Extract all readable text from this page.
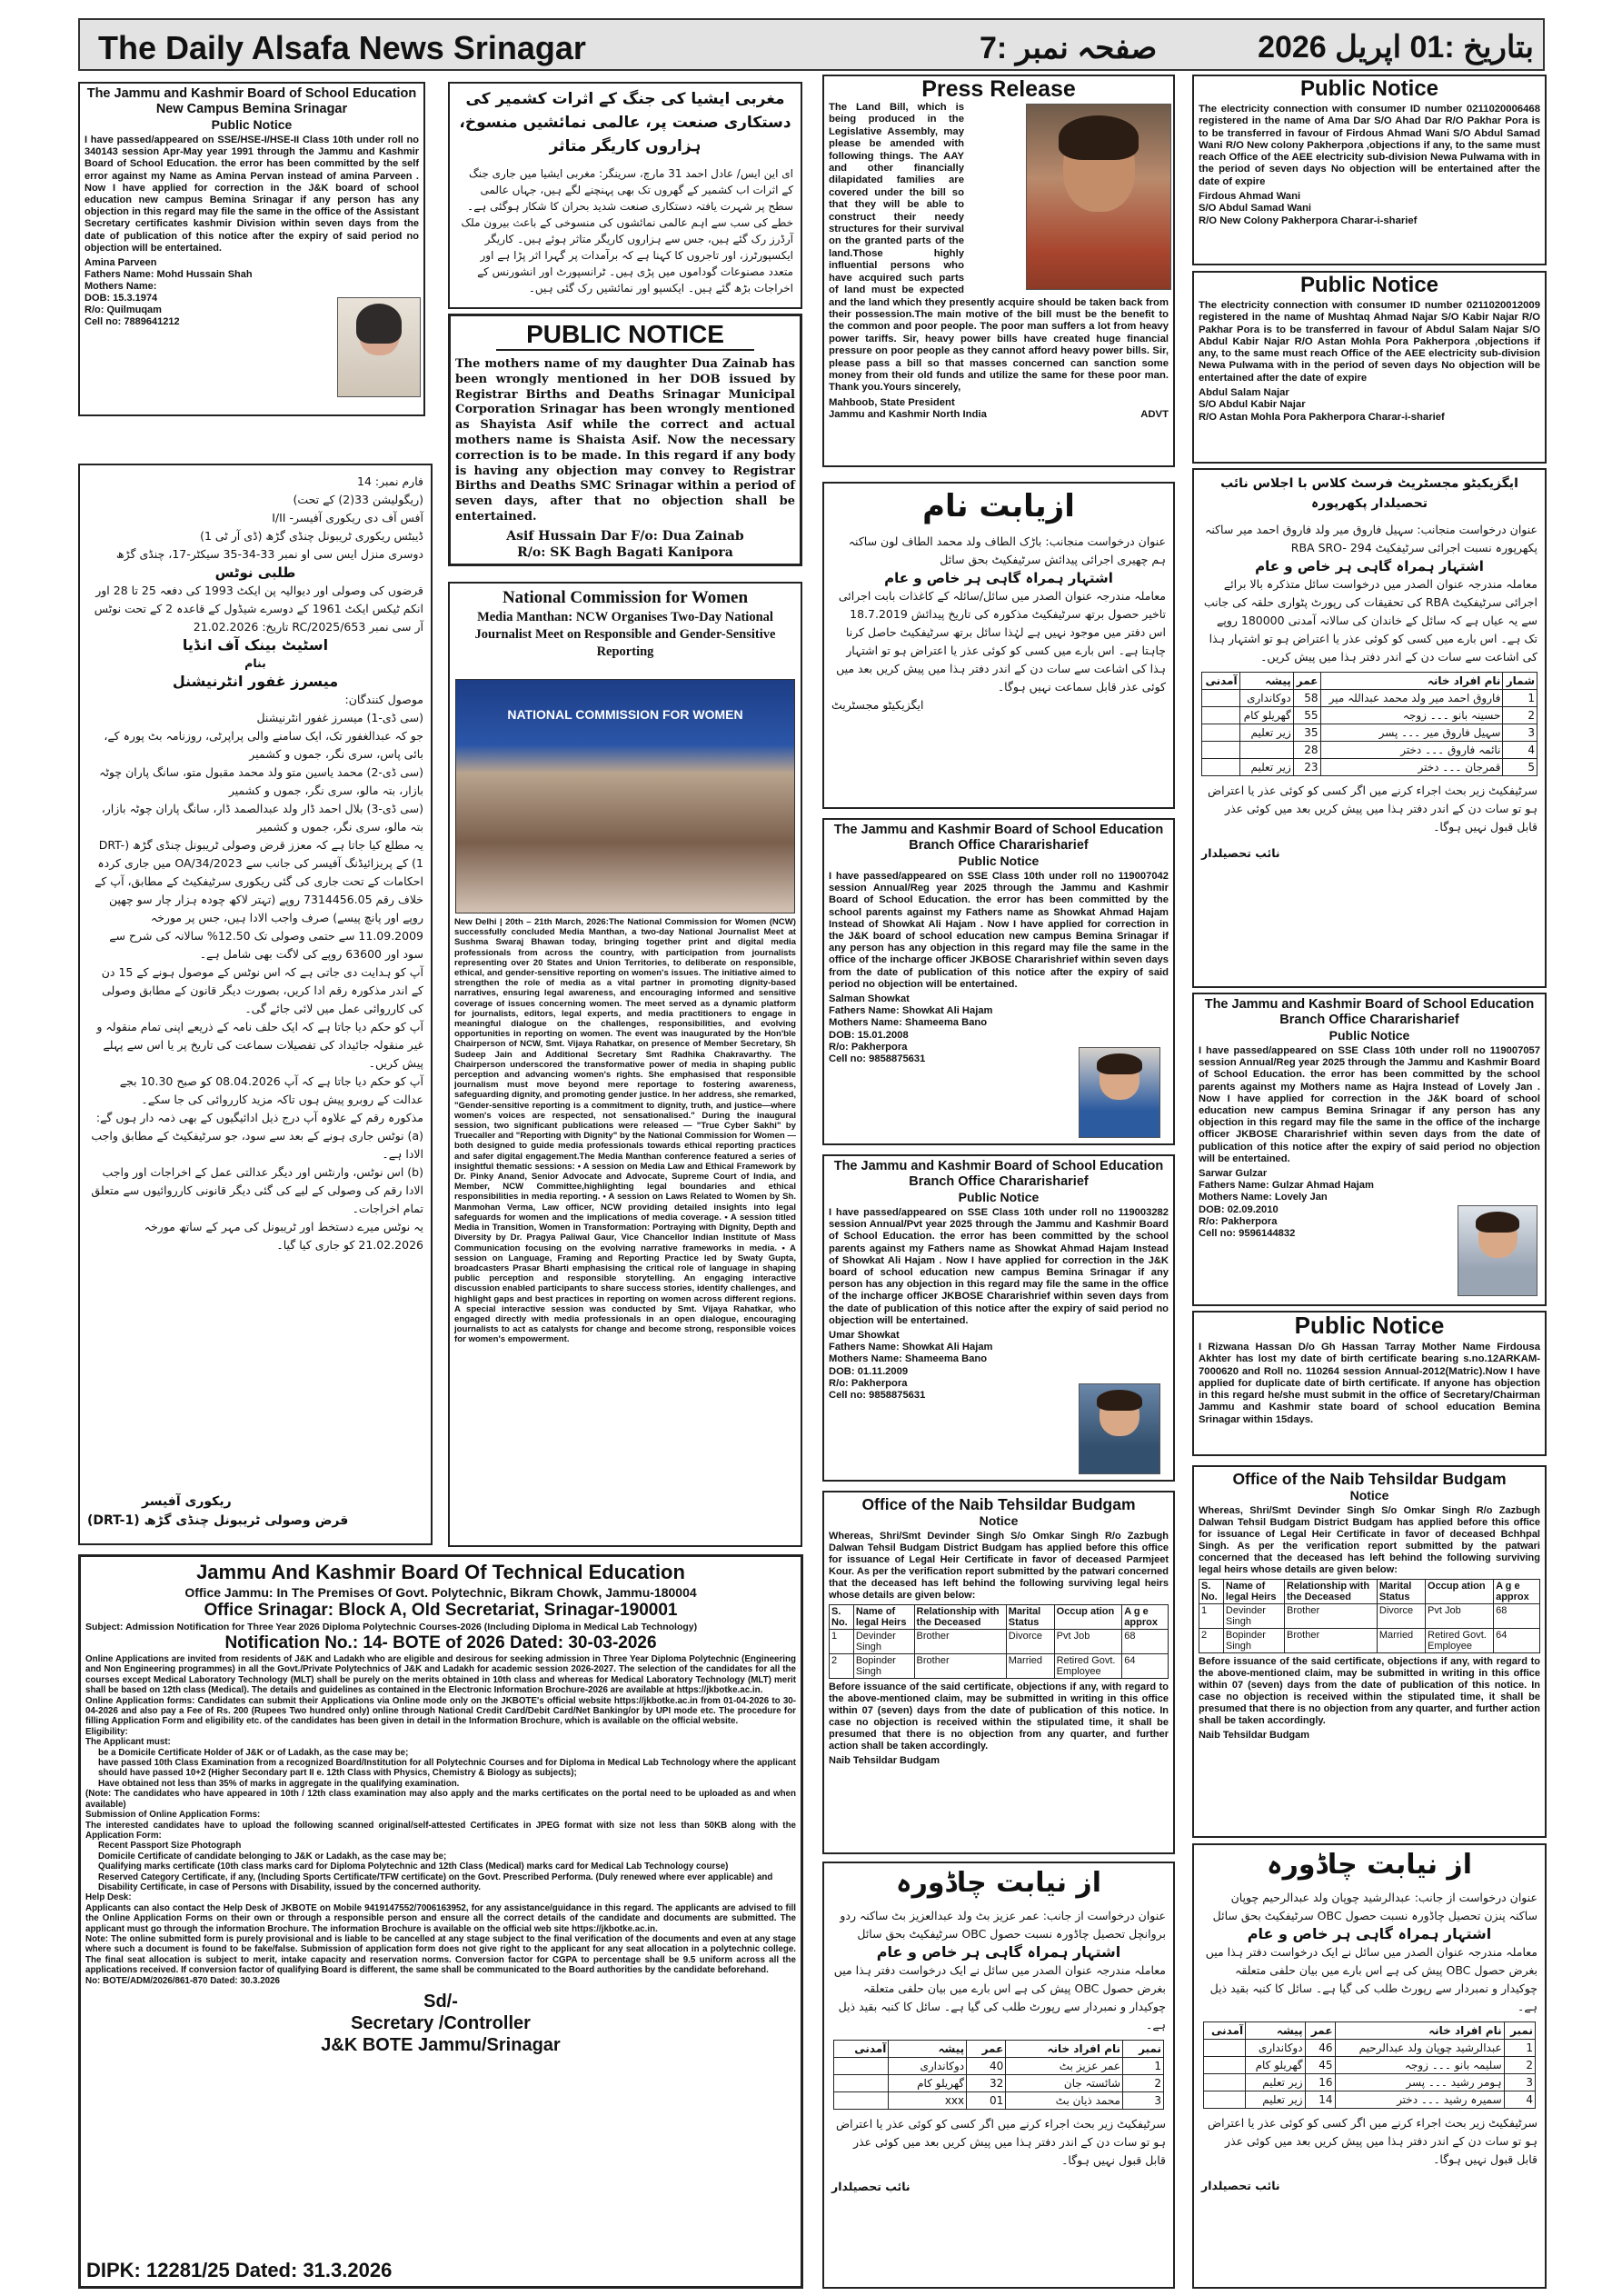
The Daily Alsafa News Srinagar	صفحہ نمبر :7	بتاریخ :01 اپریل 2026
The Jammu and Kashmir Board of School Education New Campus Bemina Srinagar
Public Notice
I have passed/appeared on SSE/HSE-I/HSE-II Class 10th under roll no 340143 session Apr-May year 1991 through the Jammu and Kashmir Board of School Education. the error has been committed by the self error against my Name as Amina Pervan instead of amina Parveen . Now I have applied for correction in the J&K board of school education new campus Bemina Srinagar if any person has any objection in this regard may file the same in the office of the Assistant Secretary certificates kashmir Division within seven days from the date of publication of this notice after the expiry of said period no objection will be entertained.
Amina Parveen
Fathers Name: Mohd Hussain Shah
Mothers Name:
DOB: 15.3.1974
R/o: Quilmuqam
Cell no: 7889641212
مغربی ایشیا کی جنگ کے اثرات کشمیر کی دستکاری صنعت پر، عالمی نمائشیں منسوخ، ہزاروں کاریگر متاثر
ای این ایس/ عادل احمد 31 مارچ، سرینگر: مغربی ایشیا میں جاری جنگ کے اثرات اب کشمیر کے گھروں تک بھی پہنچنے لگے ہیں، جہاں عالمی سطح پر شہرت یافتہ دستکاری صنعت شدید بحران کا شکار ہوگئی ہے۔ خطے کی سب سے اہم عالمی نمائشوں کی منسوخی کے باعث بیرون ملک آرڈرز رک گئے ہیں، جس سے ہزاروں کاریگر متاثر ہوئے ہیں۔ کاریگر ایکسپورٹرز، اور تاجروں کا کہنا ہے کہ برآمدات پر گہرا اثر پڑا ہے اور متعدد مصنوعات گوداموں میں پڑی ہیں۔ ٹرانسپورٹ اور انشورنس کے اخراجات بڑھ گئے ہیں۔ ایکسپو اور نمائشیں رک گئی ہیں۔
PUBLIC NOTICE
The mothers name of my daughter Dua Zainab has been wrongly mentioned in her DOB issued by Registrar Births and Deaths Srinagar Municipal Corporation Srinagar has been wrongly mentioned as Shayista Asif while the correct and actual mothers name is Shaista Asif. Now the necessary correction is to be made. In this regard if any body is having any objection may convey to Registrar Births and Deaths SMC Srinagar within a period of seven days, after that no objection shall be entertained.
Asif Hussain Dar F/o: Dua Zainab
R/o: SK Bagh Bagati Kanipora
Press Release
The Land Bill, which is being produced in the Legislative Assembly, may please be amended with following things. The AAY and other financially dilapidated families are covered under the bill so that they will be able to construct their needy structures for their survival on the granted parts of the land.Those highly influential persons who have acquired such parts of land must be expected and the land which they presently acquire should be taken back from their possession.The main motive of the bill must be the benefit to the common and poor people. The poor man suffers a lot from heavy power tariffs. Sir, heavy power bills have created huge financial pressure on poor people as they cannot afford heavy power bills. Sir, please pass a bill so that masses concerned can sanction some money from their old funds and utilize the same for these poor man. Thank you.Yours sincerely,
Mahboob, State President
Jammu and Kashmir North India	ADVT
Public Notice
The electricity connection with consumer ID number 0211020006468 registered in the name of Ama Dar S/O Ahad Dar R/O Pakhar Pora is to be transferred in favour of Firdous Ahmad Wani S/O Abdul Samad Wani R/O New colony Pakherpora ,objections if any, to the same must reach Office of the AEE electricity sub-division Newa Pulwama with in the period of seven days No objection will be entertained after the date of expire
Firdous Ahmad Wani
S/O Abdul Samad Wani
R/O New Colony Pakherpora Charar-i-sharief
Public Notice
The electricity connection with consumer ID number 0211020012009 registered in the name of Mushtaq Ahmad Najar S/O Kabir Najar R/O Pakhar Pora is to be transferred in favour of Abdul Salam Najar S/O Abdul Kabir Najar R/O Astan Mohla Pora Pakherpora ,objections if any, to the same must reach Office of the AEE electricity sub-division Newa Pulwama with in the period of seven days No objection will be entertained after the date of expire
Abdul Salam Najar
S/O Abdul Kabir Najar
R/O Astan Mohla Pora Pakherpora Charar-i-sharief
فارم نمبر: 14
(ریگولیشن 33(2) کے تحت)
آفس آف دی ریکوری آفیسر- I/II
ڈیبٹس ریکوری ٹریبونل چنڈی گڑھ (ڈی آر ٹی 1)
دوسری منزل ایس سی او نمبر 33-34-35 سیکٹر-17، چنڈی گڑھ
طلبی نوٹس
قرضوں کی وصولی اور دیوالیہ پن ایکٹ 1993 کی دفعہ 25 تا 28 اور انکم ٹیکس ایکٹ 1961 کے دوسرے شیڈول کے قاعدہ 2 کے تحت نوٹس
آر سی نمبر 2025/653/RC تاریخ: 21.02.2026
اسٹیٹ بینک آف انڈیا
بنام
میسرز غفور انٹرنیشنل
موصول کنندگان:
(سی ڈی-1) میسرز غفور انٹرنیشنل
جو کہ عبدالغفور تک، ایک سامنے والی پراپرٹی، روزنامہ بٹ پورہ کے، بائی پاس، سری نگر، جموں و کشمیر
(سی ڈی-2) محمد یاسین متو ولد محمد مقبول متو، سانگ پاران چوٹہ بازار، بتہ مالو، سری نگر، جموں و کشمیر
(سی ڈی-3) بلال احمد ڈار ولد عبدالصمد ڈار، سانگ پاران چوٹہ بازار، بتہ مالو، سری نگر، جموں و کشمیر
یہ مطلع کیا جاتا ہے کہ معزز قرض وصولی ٹریبونل چنڈی گڑھ (DRT-1) کے پریزائیڈنگ آفیسر کی جانب سے OA/34/2023 میں جاری کردہ احکامات کے تحت جاری کی گئی ریکوری سرٹیفکیٹ کے مطابق، آپ کے خلاف رقم 7314456.05 روپے (تہتر لاکھ چودہ ہزار چار سو چھپن روپے اور پانچ پیسے) صرف واجب الادا ہیں، جس پر مورخہ 11.09.2009 سے حتمی وصولی تک 12.50% سالانہ کی شرح سے سود اور 63600 روپے کی لاگت بھی شامل ہے۔
آپ کو ہدایت دی جاتی ہے کہ اس نوٹس کے موصول ہونے کے 15 دن کے اندر مذکورہ رقم ادا کریں، بصورت دیگر قانون کے مطابق وصولی کی کارروائی عمل میں لائی جائے گی۔
آپ کو حکم دیا جاتا ہے کہ ایک حلف نامہ کے ذریعے اپنی تمام منقولہ و غیر منقولہ جائیداد کی تفصیلات سماعت کی تاریخ پر یا اس سے پہلے پیش کریں۔
آپ کو حکم دیا جاتا ہے کہ آپ 08.04.2026 کو صبح 10.30 بجے عدالت کے روبرو پیش ہوں تاکہ مزید کارروائی کی جا سکے۔
مذکورہ رقم کے علاوہ آپ درج ذیل ادائیگیوں کے بھی ذمہ دار ہوں گے:
(a) نوٹس جاری ہونے کے بعد سے سود، جو سرٹیفکیٹ کے مطابق واجب الادا ہے۔
(b) اس نوٹس، وارنٹس اور دیگر عدالتی عمل کے اخراجات اور واجب الادا رقم کی وصولی کے لیے کی گئی دیگر قانونی کارروائیوں سے متعلق تمام اخراجات۔
یہ نوٹس میرے دستخط اور ٹریبونل کی مہر کے ساتھ مورخہ 21.02.2026 کو جاری کیا گیا۔
ریکوری آفیسر
قرض وصولی ٹریبونل چنڈی گڑھ (DRT-1)
National Commission for Women
Media Manthan: NCW Organises Two-Day National Journalist Meet on Responsible and Gender-Sensitive Reporting
NATIONAL COMMISSION FOR WOMEN
New Delhi | 20th – 21th March, 2026:The National Commission for Women (NCW) successfully concluded Media Manthan, a two-day National Journalist Meet at Sushma Swaraj Bhawan today, bringing together print and digital media professionals from across the country, with participation from journalists representing over 20 States and Union Territories, to deliberate on responsible, ethical, and gender-sensitive reporting on women's issues. The initiative aimed to strengthen the role of media as a vital partner in promoting dignity-based narratives, ensuring legal awareness, and encouraging informed and sensitive coverage of issues concerning women. The meet served as a dynamic platform for journalists, editors, legal experts, and media practitioners to engage in meaningful dialogue on the challenges, responsibilities, and evolving opportunities in reporting on women. The event was inaugurated by the Hon'ble Chairperson of NCW, Smt. Vijaya Rahatkar, on presence of Member Secretary, Sh Sudeep Jain and Additional Secretary Smt Radhika Chakravarthy. The Chairperson underscored the transformative power of media in shaping public perception and advancing women's rights. She emphasised that responsible journalism must move beyond mere reportage to fostering awareness, safeguarding dignity, and promoting gender justice. In her address, she remarked, "Gender-sensitive reporting is a commitment to dignity, truth, and justice—where women's voices are respected, not sensationalised." During the inaugural session, two significant publications were released — "True Cyber Sakhi" by Truecaller and "Reporting with Dignity" by the National Commission for Women — both designed to guide media professionals towards ethical reporting practices and safer digital engagement.The Media Manthan conference featured a series of insightful thematic sessions: • A session on Media Law and Ethical Framework by Dr. Pinky Anand, Senior Advocate and Advocate, Supreme Court of India, and Member, NCW Committee,highlighting legal boundaries and ethical responsibilities in media reporting. • A session on Laws Related to Women by Sh. Manmohan Verma, Law officer, NCW providing detailed insights into legal safeguards for women and the implications of media coverage. • A session titled Media in Transition, Women in Transformation: Portraying with Dignity, Depth and Diversity by Dr. Pragya Paliwal Gaur, Vice Chancellor Indian Institute of Mass Communication focusing on the evolving narrative frameworks in media. • A session on Language, Framing and Reporting Practice led by Swaty Gupta, broadcasters Prasar Bharti emphasising the critical role of language in shaping public perception and responsible storytelling. An engaging interactive discussion enabled participants to share success stories, identify challenges, and highlight gaps and best practices in reporting on women across different regions. A special interactive session was conducted by Smt. Vijaya Rahatkar, who engaged directly with media professionals in an open dialogue, encouraging journalists to act as catalysts for change and become strong, responsible voices for women's empowerment.
ازیابت نام
عنوان درخواست منجانب: باڑک الطاف ولد محمد الطاف لون ساکنہ ہم چھیری اجرائی پیدائش سرٹیفکیٹ بحق سائل
اشتہار ہمراہ گاہی ہر خاص و عام
معاملہ مندرجہ عنوان الصدر میں سائل/سائلہ کے کاغذات بابت اجرائی تاخیر حصول برتھ سرٹیفکیٹ مذکورہ کی تاریخ پیدائش 18.7.2019 اس دفتر میں موجود نہیں ہے لہٰذا سائل برتھ سرٹیفکیٹ حاصل کرنا چاہتا ہے۔ اس بارے میں کسی کو کوئی عذر یا اعتراض ہو تو اشتہار ہذا کی اشاعت سے سات دن کے اندر دفتر ہذا میں پیش کریں بعد میں کوئی عذر قابل سماعت نہیں ہوگا۔
ایگزیکیٹو مجسٹریٹ
The Jammu and Kashmir Board of School Education Branch Office Chararisharief
Public Notice
I have passed/appeared on SSE Class 10th under roll no 119007042 session Annual/Reg year 2025 through the Jammu and Kashmir Board of School Education. the error has been committed by the school parents against my Fathers name as Showkat Ahmad Hajam Instead of Showkat Ali Hajam . Now I have applied for correction in the J&K board of school education new campus Bemina Srinagar if any person has any objection in this regard may file the same in the office of the incharge officer JKBOSE Chararishrief within seven days from the date of publication of this notice after the expiry of said period no objection will be entertained.
Salman Showkat
Fathers Name: Showkat Ali Hajam
Mothers Name: Shameema Bano
DOB: 15.01.2008
R/o: Pakherpora
Cell no: 9858875631
The Jammu and Kashmir Board of School Education Branch Office Chararisharief
Public Notice
I have passed/appeared on SSE Class 10th under roll no 119003282 session Annual/Pvt year 2025 through the Jammu and Kashmir Board of School Education. the error has been committed by the school parents against my Fathers name as Showkat Ahmad Hajam Instead of Showkat Ali Hajam . Now I have applied for correction in the J&K board of school education new campus Bemina Srinagar if any person has any objection in this regard may file the same in the office of the incharge officer JKBOSE Chararishrief within seven days from the date of publication of this notice after the expiry of said period no objection will be entertained.
Umar Showkat
Fathers Name: Showkat Ali Hajam
Mothers Name: Shameema Bano
DOB: 01.11.2009
R/o: Pakherpora
Cell no: 9858875631
ایگزیکیٹو مجسٹریٹ فرسٹ کلاس با اجلاس نائب تحصیلدار پکھرپورہ
عنوان درخواست منجانب: سہیل فاروق میر ولد فاروق احمد میر ساکنہ پکھرپورہ نسبت اجرائی سرٹیفکیٹ RBA SRO- 294
اشتہار ہمراہ گاہی ہر خاص و عام
معاملہ مندرجہ عنوان الصدر میں درخواست سائل متذکرہ بالا برائے اجرائی سرٹیفکیٹ RBA کی تحقیقات کی رپورٹ پٹواری حلقہ کی جانب سے یہ عیاں ہے کہ سائل کے خاندان کی سالانہ آمدنی 180000 روپے تک ہے۔ اس بارے میں کسی کو کوئی عذر یا اعتراض ہو تو اشتہار ہذا کی اشاعت سے سات دن کے اندر دفتر ہذا میں پیش کریں۔
شمار	نام افراد خانہ	عمر	پیشہ	آمدنی
1	فاروق احمد میر ولد محمد عبداللہ میر	58	دوکانداری	
2	حسینہ بانو ۔۔۔ زوجہ	55	گھریلو کام	
3	سہیل فاروق میر ۔۔۔ پسر	35	زیر تعلیم	
4	نائمہ فاروق ۔۔۔ دختر	28		
5	قمرجان ۔۔۔ دختر	23	زیر تعلیم	
سرٹیفکیٹ زیر بحث اجراء کرنے میں اگر کسی کو کوئی عذر یا اعتراض ہو تو سات دن کے اندر دفتر ہذا میں پیش کریں بعد میں کوئی عذر قابل قبول نہیں ہوگا۔
نائب تحصیلدار
The Jammu and Kashmir Board of School Education Branch Office Chararisharief
Public Notice
I have passed/appeared on SSE Class 10th under roll no 119007057 session Annual/Reg year 2025 through the Jammu and Kashmir Board of School Education. the error has been committed by the school parents against my Mothers name as Hajra Instead of Lovely Jan . Now I have applied for correction in the J&K board of school education new campus Bemina Srinagar if any person has any objection in this regard may file the same in the office of the incharge officer JKBOSE Chararishrief within seven days from the date of publication of this notice after the expiry of said period no objection will be entertained.
Sarwar Gulzar
Fathers Name: Gulzar Ahmad Hajam
Mothers Name: Lovely Jan
DOB: 02.09.2010
R/o: Pakherpora
Cell no: 9596144832
Public Notice
I Rizwana Hassan D/o Gh Hassan Tarray Mother Name Firdousa Akhter has lost my date of birth certificate bearing s.no.12ARKAM-7000620 and Roll no. 110264 session Annual-2012(Matric).Now I have applied for duplicate date of birth certificate. If anyone has objection in this regard he/she must submit in the office of Secretary/Chairman Jammu and Kashmir state board of school education Bemina Srinagar within 15days.
Jammu And Kashmir Board Of Technical Education
Office Jammu: In The Premises Of Govt. Polytechnic, Bikram Chowk, Jammu-180004
Office Srinagar: Block A, Old Secretariat, Srinagar-190001
Subject: Admission Notification for Three Year 2026 Diploma Polytechnic Courses-2026 (Including Diploma in Medical Lab Technology)
Notification No.: 14- BOTE of 2026 Dated: 30-03-2026
Online Applications are invited from residents of J&K and Ladakh who are eligible and desirous for seeking admission in Three Year Diploma Polytechnic (Engineering and Non Engineering programmes) in all the Govt./Private Polytechnics of J&K and Ladakh for academic session 2026-2027. The selection of the candidates for all the courses except Medical Laboratory Technology (MLT) shall be purely on the merits obtained in 10th class and whereas for Medical Laboratory Technology (MLT) merit shall be based on 12th class (Medical). The details and guidelines as contained in the Electronic Information Brochure-2026 are available at https://jkbotke.ac.in.
Online Application forms: Candidates can submit their Applications via Online mode only on the JKBOTE's official website https://jkbotke.ac.in from 01-04-2026 to 30-04-2026 and also pay a Fee of Rs. 200 (Rupees Two hundred only) online through National Credit Card/Debit Card/Net Banking/or by UPI mode etc. The procedure for filling Application Form and eligibility etc. of the candidates has been given in detail in the Information Brochure, which is available on the official website.
Eligibility:
The Applicant must:
be a Domicile Certificate Holder of J&K or of Ladakh, as the case may be;
have passed 10th Class Examination from a recognized Board/Institution for all Polytechnic Courses and for Diploma in Medical Lab Technology where the applicant should have passed 10+2 (Higher Secondary part II e. 12th Class with Physics, Chemistry & Biology as subjects);
Have obtained not less than 35% of marks in aggregate in the qualifying examination.
(Note: The candidates who have appeared in 10th / 12th class examination may also apply and the marks certificates on the portal need to be uploaded as and when available)
Submission of Online Application Forms:
The interested candidates have to upload the following scanned original/self-attested Certificates in JPEG format with size not less than 50KB along with the Application Form:
Recent Passport Size Photograph
Domicile Certificate of candidate belonging to J&K or Ladakh, as the case may be;
Qualifying marks certificate (10th class marks card for Diploma Polytechnic and 12th Class (Medical) marks card for Medical Lab Technology course)
Reserved Category Certificate, if any, (Including Sports Certificate/TFW certificate) on the Govt. Prescribed Performa. (Duly renewed where ever applicable) and
Disability Certificate, in case of Persons with Disability, issued by the concerned authority.
Help Desk:
Applicants can also contact the Help Desk of JKBOTE on Mobile 9419147552/7006163952, for any assistance/guidance in this regard. The applicants are advised to fill the Online Application Forms on their own or through a responsible person and ensure all the correct details of the candidate and documents are submitted. The applicant must go through the information Brochure. The information Brochure is available on the official web site https://jkbotke.ac.in.
Note: The online submitted form is purely provisional and is liable to be cancelled at any stage subject to the final verification of the documents and even at any stage where such a document is found to be fake/false. Submission of application form does not give right to the applicant for any seat allocation in a polytechnic college. The final seat allocation is subject to merit, intake capacity and reservation norms. Conversion factor for CGPA to percentage shall be 9.5 uniform across all the applications received. If conversion factor of qualifying Board is different, the same shall be communicated to the Board authorities by the candidate beforehand.
No: BOTE/ADM/2026/861-870 Dated: 30.3.2026
Sd/-
Secretary /Controller
J&K BOTE Jammu/Srinagar
DIPK: 12281/25 Dated: 31.3.2026
Office of the Naib Tehsildar Budgam
Notice
Whereas, Shri/Smt Devinder Singh S/o Omkar Singh R/o Zazbugh Dalwan Tehsil Budgam District Budgam has applied before this office for issuance of Legal Heir Certificate in favor of deceased Parmjeet Kour. As per the verification report submitted by the patwari concerned that the deceased has left behind the following surviving legal heirs whose details are given below:
S. No.	Name of legal Heirs	Relationship with the Deceased	Marital Status	Occup ation	A g e approx
1	Devinder Singh	Brother	Divorce	Pvt Job	68
2	Bopinder Singh	Brother	Married	Retired Govt. Employee	64
Before issuance of the said certificate, objections if any, with regard to the above-mentioned claim, may be submitted in writing in this office within 07 (seven) days from the date of publication of this notice. In case no objection is received within the stipulated time, it shall be presumed that there is no objection from any quarter, and further action shall be taken accordingly.
Naib Tehsildar Budgam
Office of the Naib Tehsildar Budgam
Notice
Whereas, Shri/Smt Devinder Singh S/o Omkar Singh R/o Zazbugh Dalwan Tehsil Budgam District Budgam has applied before this office for issuance of Legal Heir Certificate in favor of deceased Bchhpal Singh. As per the verification report submitted by the patwari concerned that the deceased has left behind the following surviving legal heirs whose details are given below:
S. No.	Name of legal Heirs	Relationship with the Deceased	Marital Status	Occup ation	A g e approx
1	Devinder Singh	Brother	Divorce	Pvt Job	68
2	Bopinder Singh	Brother	Married	Retired Govt. Employee	64
Before issuance of the said certificate, objections if any, with regard to the above-mentioned claim, may be submitted in writing in this office within 07 (seven) days from the date of publication of this notice. In case no objection is received within the stipulated time, it shall be presumed that there is no objection from any quarter, and further action shall be taken accordingly.
Naib Tehsildar Budgam
از نیابت چاڈورہ
عنوان درخواست از جانب: عمر عزیز بٹ ولد عبدالعزیز بٹ ساکنہ ردو بروانچل تحصیل چاڈورہ نسبت حصول OBC سرٹیفکیٹ بحق سائل
اشتہار ہمراہ گاہی ہر خاص و عام
معاملہ مندرجہ عنوان الصدر میں سائل نے ایک درخواست دفتر ہذا میں بغرض حصول OBC پیش کی ہے اس بارے میں بیان حلفی متعلقہ چوکیدار و نمبردار سے رپورٹ طلب کی گیا ہے۔ سائل کا کنبہ بقید ذیل ہے۔
نمبر	نام افراد خانہ	عمر	پیشہ	آمدنی
1	عمر عزیز بٹ	40	دوکانداری	
2	شائستہ جان	32	گھریلو کام	
3	محمد ذیان بٹ	01	xxx	
سرٹیفکیٹ زیر بحث اجراء کرنے میں اگر کسی کو کوئی عذر یا اعتراض ہو تو سات دن کے اندر دفتر ہذا میں پیش کریں بعد میں کوئی عذر قابل قبول نہیں ہوگا۔
نائب تحصیلدار
از نیابت چاڈورہ
عنوان درخواست از جانب: عبدالرشید چوپان ولد عبدالرحیم چوپان ساکنہ پنزن تحصیل چاڈورہ نسبت حصول OBC سرٹیفکیٹ بحق سائل
اشتہار ہمراہ گاہی ہر خاص و عام
معاملہ مندرجہ عنوان الصدر میں سائل نے ایک درخواست دفتر ہذا میں بغرض حصول OBC پیش کی ہے اس بارے میں بیان حلفی متعلقہ چوکیدار و نمبردار سے رپورٹ طلب کی گیا ہے۔ سائل کا کنبہ بقید ذیل ہے۔
نمبر	نام افراد خانہ	عمر	پیشہ	آمدنی
1	عبدالرشید چوپان ولد عبدالرحیم	46	دوکانداری	
2	سلیمہ بانو ۔۔۔ زوجہ	45	گھریلو کام	
3	ہومر رشید ۔۔۔ پسر	16	زیر تعلیم	
4	سمیرہ رشید ۔۔۔ دختر	14	زیر تعلیم	
سرٹیفکیٹ زیر بحث اجراء کرنے میں اگر کسی کو کوئی عذر یا اعتراض ہو تو سات دن کے اندر دفتر ہذا میں پیش کریں بعد میں کوئی عذر قابل قبول نہیں ہوگا۔
نائب تحصیلدار
